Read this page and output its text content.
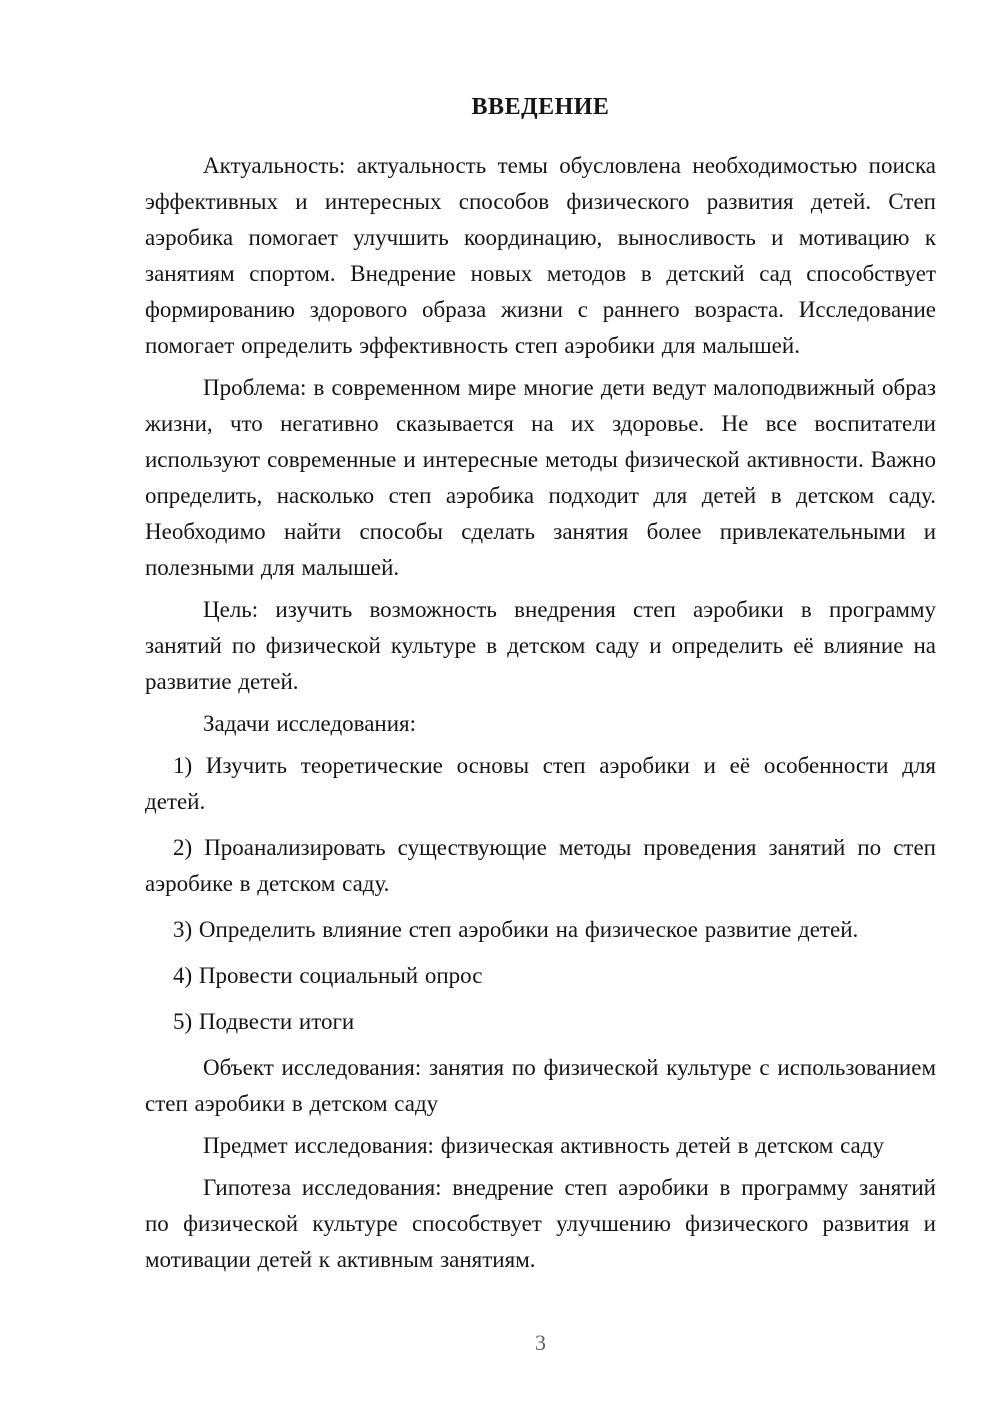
ВВЕДЕНИЕ

Актуальность: актуальность темы обусловлена необходимостью поиска эффективных и интересных способов физического развития детей. Степ аэробика помогает улучшить координацию, выносливость и мотивацию к занятиям спортом. Внедрение новых методов в детский сад способствует формированию здорового образа жизни с раннего возраста. Исследование помогает определить эффективность степ аэробики для малышей.

Проблема: в современном мире многие дети ведут малоподвижный образ жизни, что негативно сказывается на их здоровье. Не все воспитатели используют современные и интересные методы физической активности. Важно определить, насколько степ аэробика подходит для детей в детском саду. Необходимо найти способы сделать занятия более привлекательными и полезными для малышей.

Цель: изучить возможность внедрения степ аэробики в программу занятий по физической культуре в детском саду и определить её влияние на развитие детей.

Задачи исследования:

1) Изучить теоретические основы степ аэробики и её особенности для детей.

2) Проанализировать существующие методы проведения занятий по степ аэробике в детском саду.

3) Определить влияние степ аэробики на физическое развитие детей.

4) Провести социальный опрос

5) Подвести итоги

Объект исследования: занятия по физической культуре с использованием степ аэробики в детском саду

Предмет исследования: физическая активность детей в детском саду

Гипотеза исследования: внедрение степ аэробики в программу занятий по физической культуре способствует улучшению физического развития и мотивации детей к активным занятиям.

3
